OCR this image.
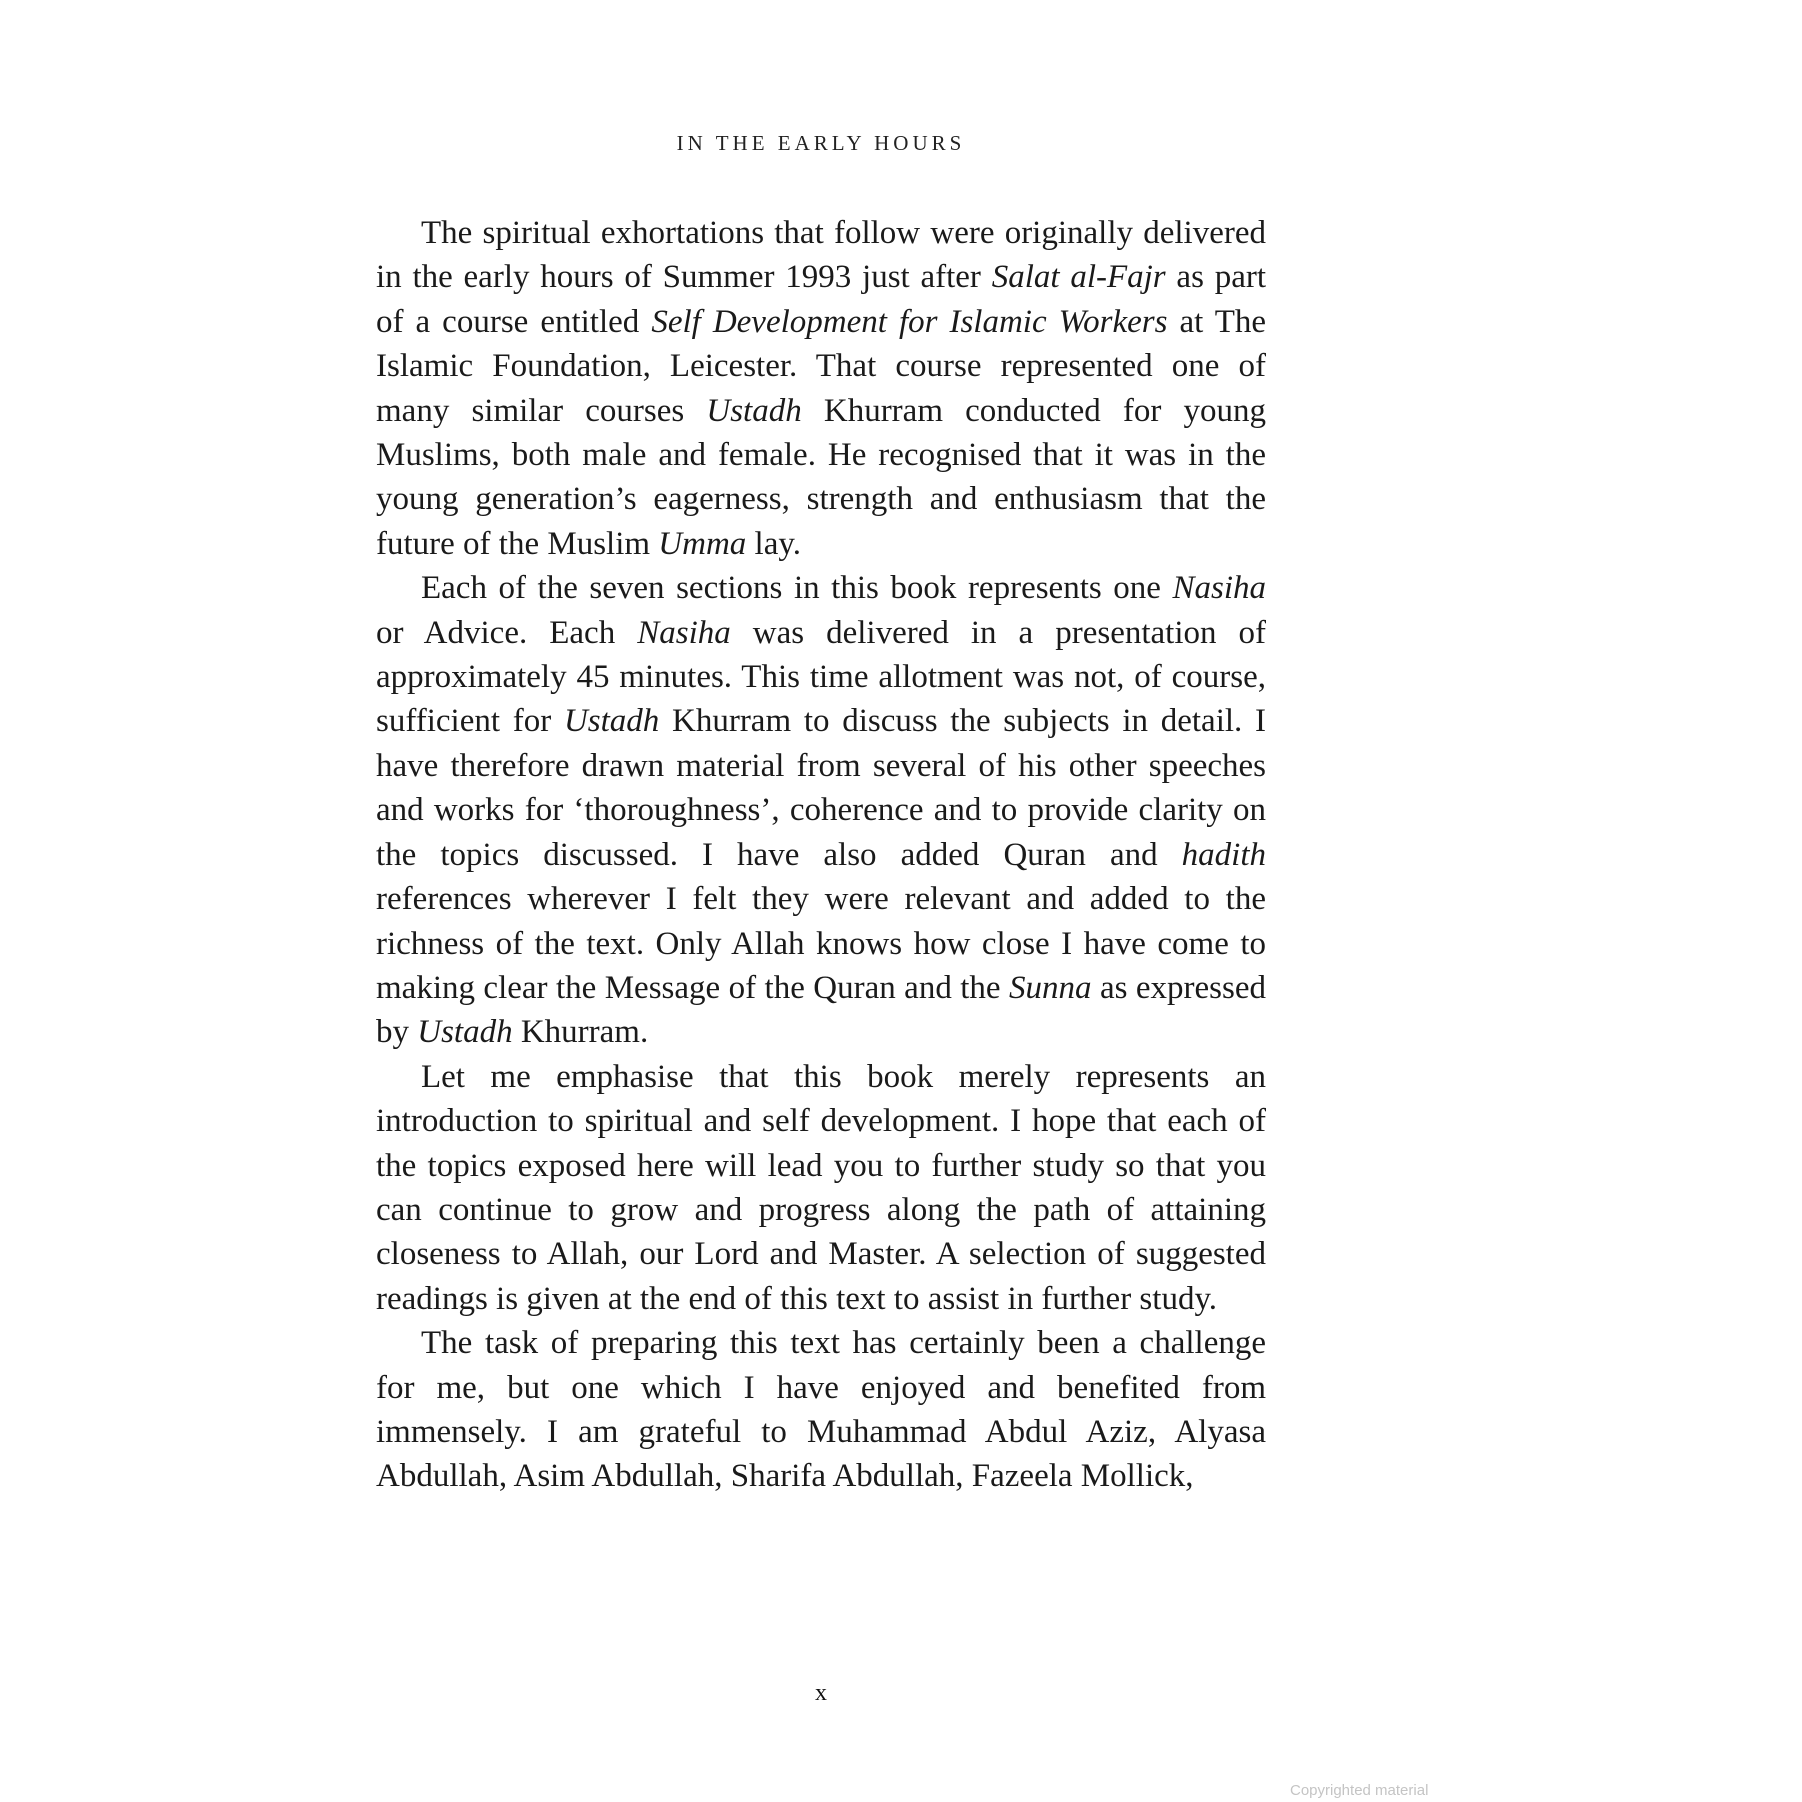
IN THE EARLY HOURS

The spiritual exhortations that follow were originally delivered in the early hours of Summer 1993 just after Salat al-Fajr as part of a course entitled Self Development for Islamic Workers at The Islamic Foundation, Leicester. That course represented one of many similar courses Ustadh Khurram conducted for young Muslims, both male and female. He recognised that it was in the young generation’s eagerness, strength and enthusiasm that the future of the Muslim Umma lay.

Each of the seven sections in this book represents one Nasiha or Advice. Each Nasiha was delivered in a presentation of approximately 45 minutes. This time allotment was not, of course, sufficient for Ustadh Khurram to discuss the subjects in detail. I have therefore drawn material from several of his other speeches and works for ‘thoroughness’, coherence and to provide clarity on the topics discussed. I have also added Quran and hadith references wherever I felt they were relevant and added to the richness of the text. Only Allah knows how close I have come to making clear the Message of the Quran and the Sunna as expressed by Ustadh Khurram.

Let me emphasise that this book merely represents an introduction to spiritual and self development. I hope that each of the topics exposed here will lead you to further study so that you can continue to grow and progress along the path of attaining closeness to Allah, our Lord and Master. A selection of suggested readings is given at the end of this text to assist in further study.

The task of preparing this text has certainly been a challenge for me, but one which I have enjoyed and benefited from immensely. I am grateful to Muhammad Abdul Aziz, Alyasa Abdullah, Asim Abdullah, Sharifa Abdullah, Fazeela Mollick,

x
Copyrighted material
